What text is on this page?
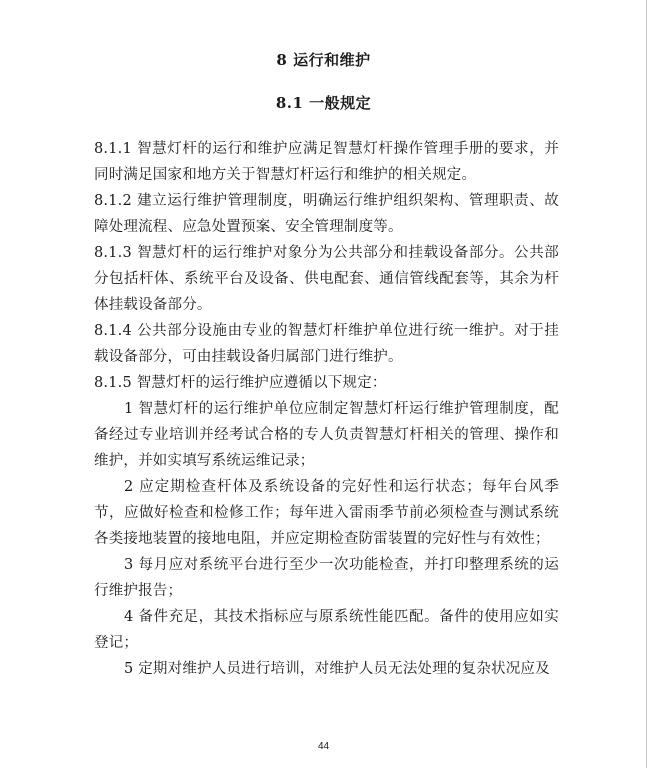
8 运行和维护
8.1 一般规定

8.1.1 智慧灯杆的运行和维护应满足智慧灯杆操作管理手册的要求，并同时满足国家和地方关于智慧灯杆运行和维护的相关规定。

8.1.2 建立运行维护管理制度，明确运行维护组织架构、管理职责、故障处理流程、应急处置预案、安全管理制度等。

8.1.3 智慧灯杆的运行维护对象分为公共部分和挂载设备部分。公共部分包括杆体、系统平台及设备、供电配套、通信管线配套等，其余为杆体挂载设备部分。

8.1.4 公共部分设施由专业的智慧灯杆维护单位进行统一维护。对于挂载设备部分，可由挂载设备归属部门进行维护。

8.1.5 智慧灯杆的运行维护应遵循以下规定：

1 智慧灯杆的运行维护单位应制定智慧灯杆运行维护管理制度，配备经过专业培训并经考试合格的专人负责智慧灯杆相关的管理、操作和维护，并如实填写系统运维记录；

2 应定期检查杆体及系统设备的完好性和运行状态；每年台风季节，应做好检查和检修工作；每年进入雷雨季节前必须检查与测试系统各类接地装置的接地电阻，并应定期检查防雷装置的完好性与有效性；

3 每月应对系统平台进行至少一次功能检查，并打印整理系统的运行维护报告；

4 备件充足，其技术指标应与原系统性能匹配。备件的使用应如实登记；

5 定期对维护人员进行培训，对维护人员无法处理的复杂状况应及

44
